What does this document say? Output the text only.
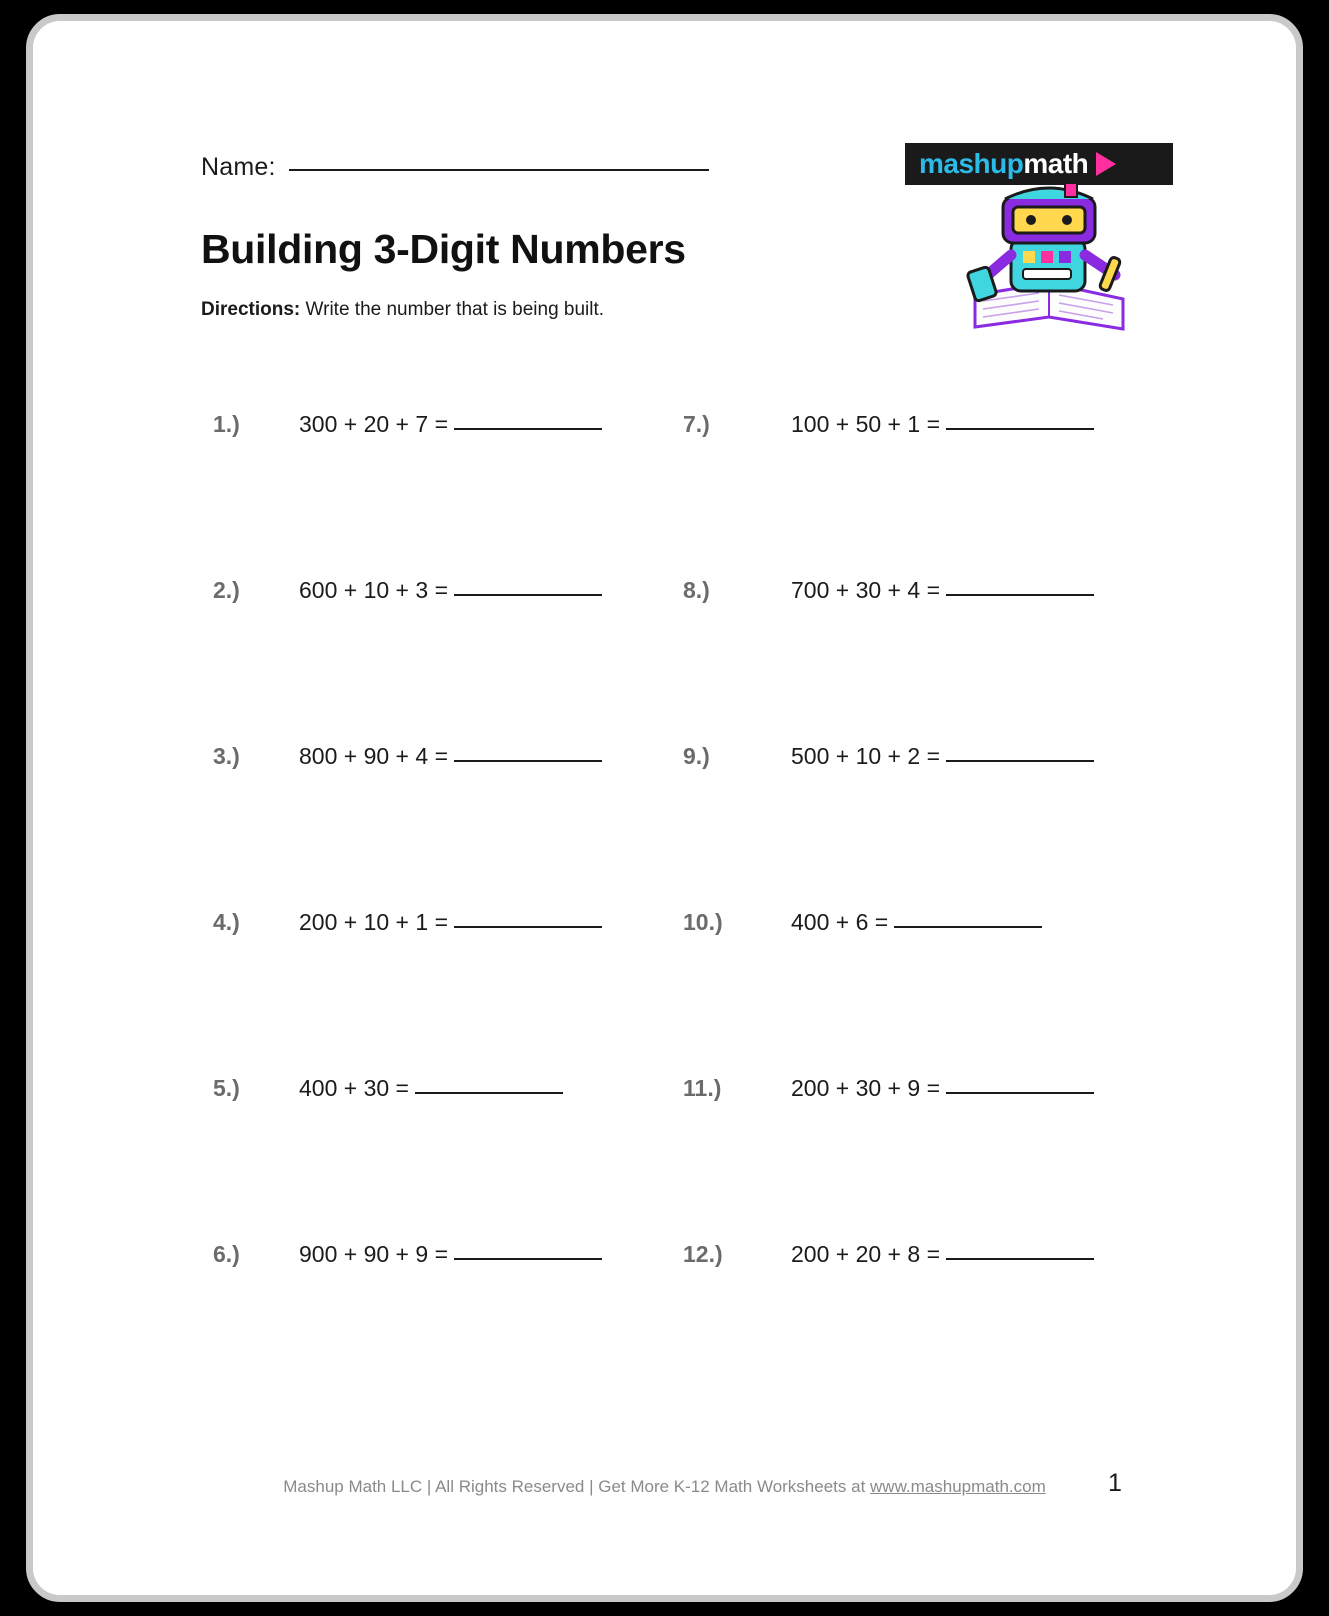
Name:
Building 3-Digit Numbers
Directions: Write the number that is being built.
mashup math
1.)	300 + 20 + 7 =
2.)	600 + 10 + 3 =
3.)	800 + 90 + 4 =
4.)	200 + 10 + 1 =
5.)	400 + 30 =
6.)	900 + 90 + 9 =
7.)	100 + 50 + 1 =
8.)	700 + 30 + 4 =
9.)	500 + 10 + 2 =
10.)	400 + 6 =
11.)	200 + 30 + 9 =
12.)	200 + 20 + 8 =
Mashup Math LLC | All Rights Reserved | Get More K-12 Math Worksheets at www.mashupmath.com	1
